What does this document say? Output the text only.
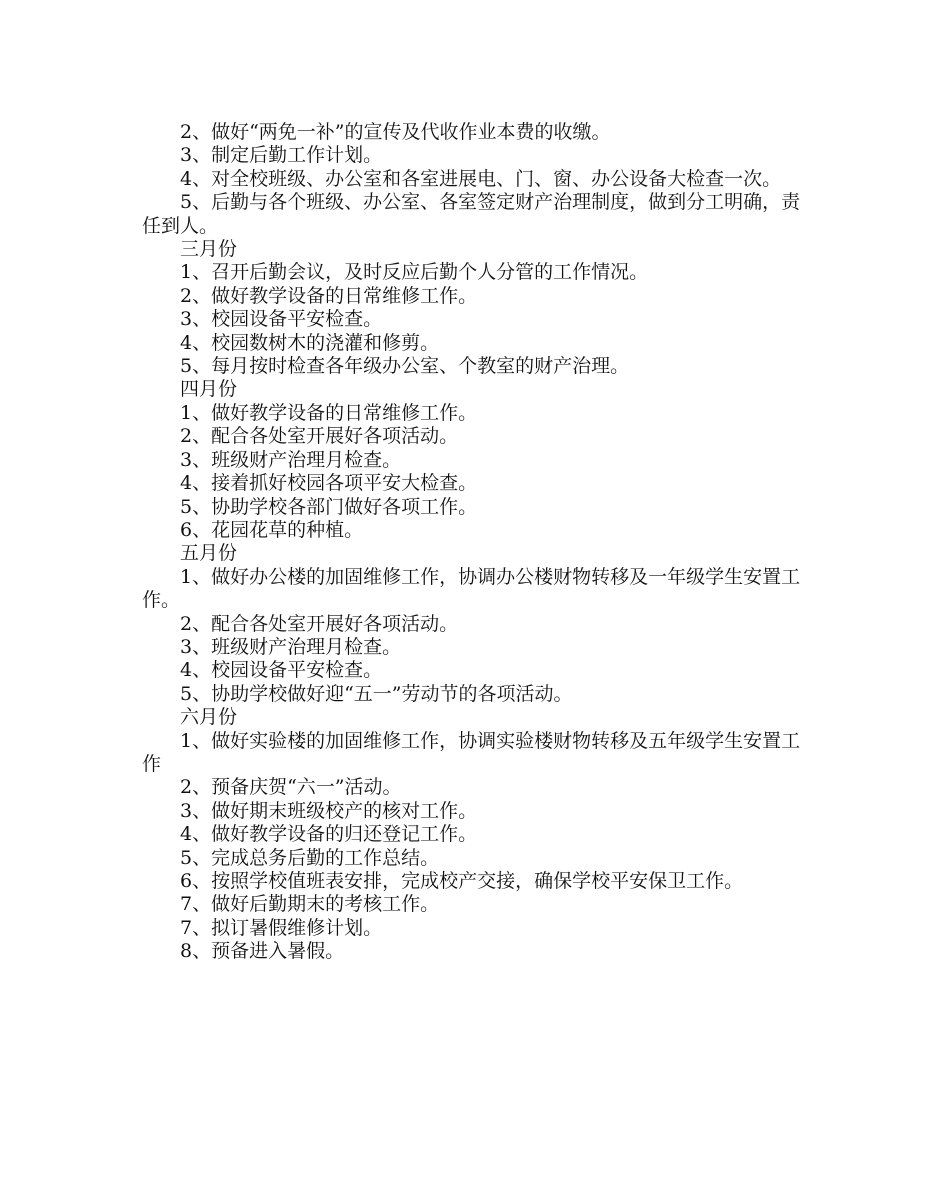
2、做好“两免一补”的宣传及代收作业本费的收缴。

3、制定后勤工作计划。

4、对全校班级、办公室和各室进展电、门、窗、办公设备大检查一次。

5、后勤与各个班级、办公室、各室签定财产治理制度，做到分工明确，责任到人。

三月份

1、召开后勤会议，及时反应后勤个人分管的工作情况。

2、做好教学设备的日常维修工作。

3、校园设备平安检查。

4、校园数树木的浇灌和修剪。

5、每月按时检查各年级办公室、个教室的财产治理。

四月份

1、做好教学设备的日常维修工作。

2、配合各处室开展好各项活动。

3、班级财产治理月检查。

4、接着抓好校园各项平安大检查。

5、协助学校各部门做好各项工作。

6、花园花草的种植。

五月份

1、做好办公楼的加固维修工作，协调办公楼财物转移及一年级学生安置工作。

2、配合各处室开展好各项活动。

3、班级财产治理月检查。

4、校园设备平安检查。

5、协助学校做好迎“五一”劳动节的各项活动。

六月份

1、做好实验楼的加固维修工作，协调实验楼财物转移及五年级学生安置工作

2、预备庆贺“六一”活动。

3、做好期末班级校产的核对工作。

4、做好教学设备的归还登记工作。

5、完成总务后勤的工作总结。

6、按照学校值班表安排，完成校产交接，确保学校平安保卫工作。

7、做好后勤期末的考核工作。

7、拟订暑假维修计划。

8、预备进入暑假。
